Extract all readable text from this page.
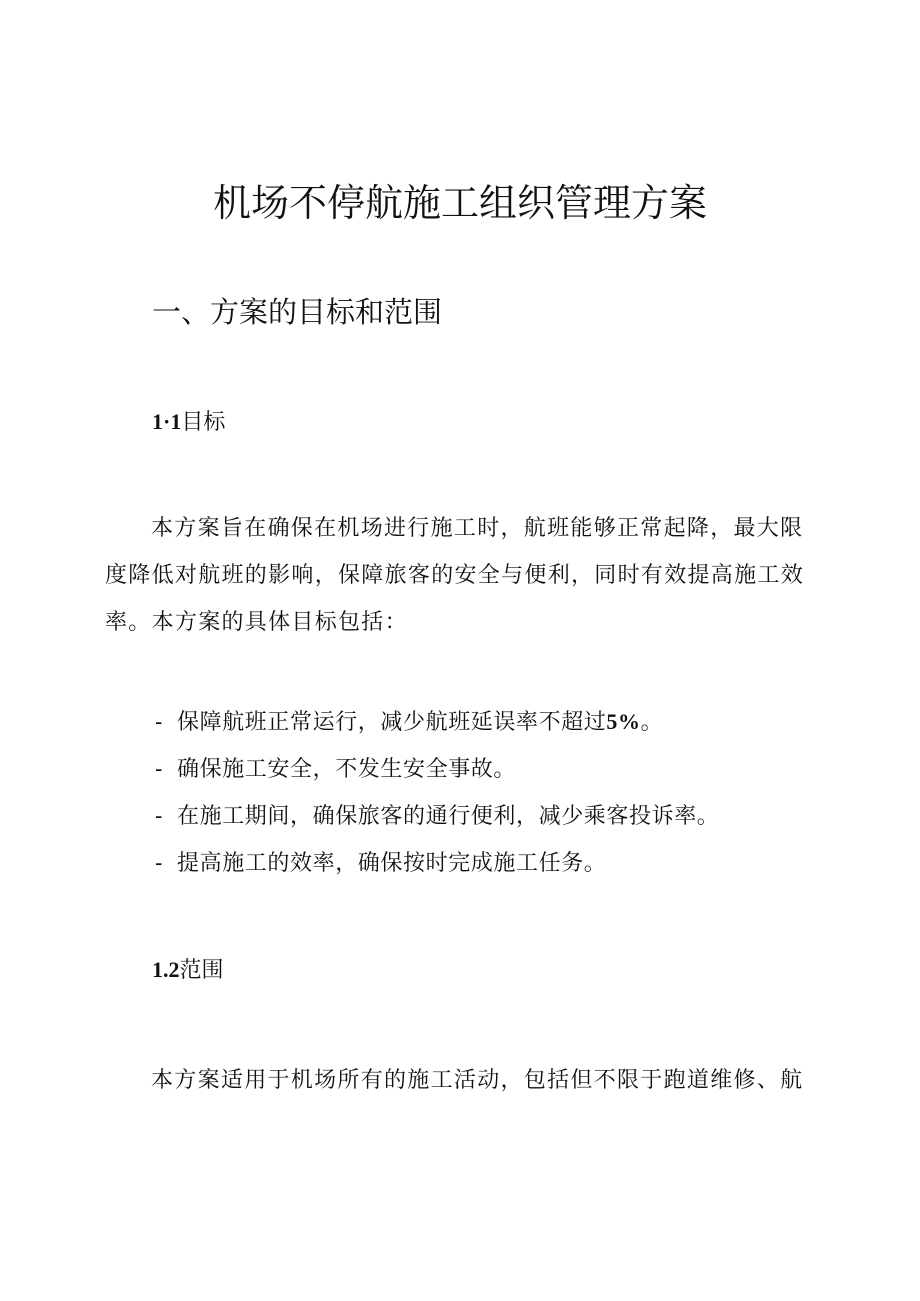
机场不停航施工组织管理方案
一、方案的目标和范围
1·1目标

本方案旨在确保在机场进行施工时，航班能够正常起降，最大限度降低对航班的影响，保障旅客的安全与便利，同时有效提高施工效率。本方案的具体目标包括：

- 保障航班正常运行，减少航班延误率不超过5%。
- 确保施工安全，不发生安全事故。
- 在施工期间，确保旅客的通行便利，减少乘客投诉率。
- 提高施工的效率，确保按时完成施工任务。
1.2范围

本方案适用于机场所有的施工活动，包括但不限于跑道维修、航
